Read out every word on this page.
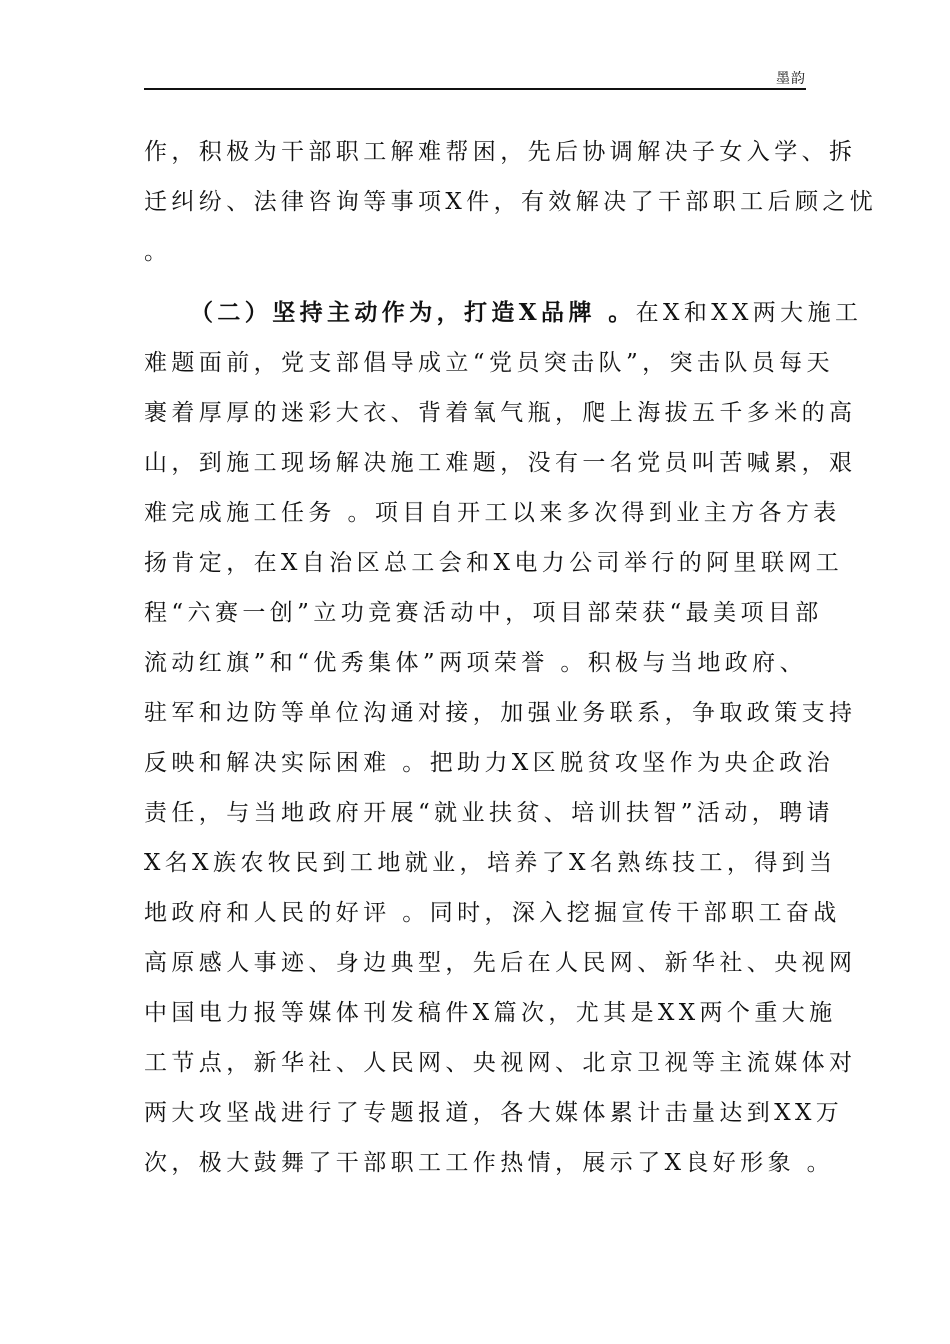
墨韵
作，积极为干部职工解难帮困，先后协调解决子女入学、拆
迁纠纷、法律咨询等事项X件，有效解决了干部职工后顾之忧
。
（二）坚持主动作为，打造X品牌 。在X和XX两大施工
难题面前，党支部倡导成立“党员突击队”，突击队员每天
裹着厚厚的迷彩大衣、背着氧气瓶，爬上海拔五千多米的高
山，到施工现场解决施工难题，没有一名党员叫苦喊累，艰
难完成施工任务 。项目自开工以来多次得到业主方各方表
扬肯定，在X自治区总工会和X电力公司举行的阿里联网工
程“六赛一创”立功竞赛活动中，项目部荣获“最美项目部
流动红旗”和“优秀集体”两项荣誉 。积极与当地政府、
驻军和边防等单位沟通对接，加强业务联系，争取政策支持
反映和解决实际困难 。把助力X区脱贫攻坚作为央企政治
责任，与当地政府开展“就业扶贫、培训扶智”活动，聘请
X名X族农牧民到工地就业，培养了X名熟练技工，得到当
地政府和人民的好评 。同时，深入挖掘宣传干部职工奋战
高原感人事迹、身边典型，先后在人民网、新华社、央视网
中国电力报等媒体刊发稿件X篇次，尤其是XX两个重大施
工节点，新华社、人民网、央视网、北京卫视等主流媒体对
两大攻坚战进行了专题报道，各大媒体累计击量达到XX万
次，极大鼓舞了干部职工工作热情，展示了X良好形象 。
